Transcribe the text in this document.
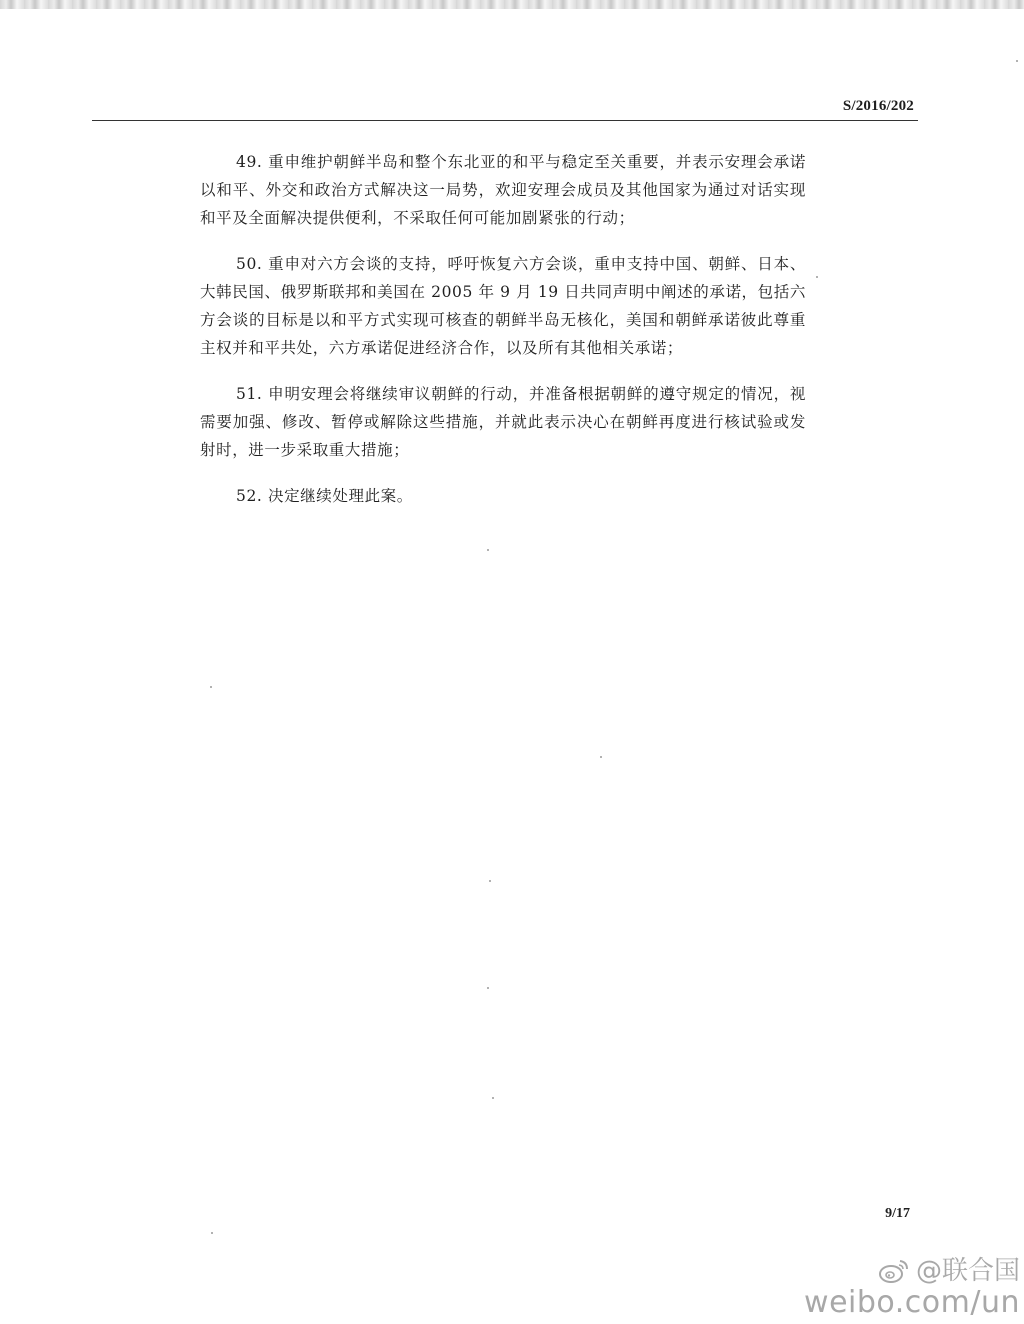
S/2016/202

49. 重申维护朝鲜半岛和整个东北亚的和平与稳定至关重要，并表示安理会承诺以和平、外交和政治方式解决这一局势，欢迎安理会成员及其他国家为通过对话实现和平及全面解决提供便利，不采取任何可能加剧紧张的行动；

50. 重申对六方会谈的支持，呼吁恢复六方会谈，重申支持中国、朝鲜、日本、大韩民国、俄罗斯联邦和美国在 2005 年 9 月 19 日共同声明中阐述的承诺，包括六方会谈的目标是以和平方式实现可核查的朝鲜半岛无核化，美国和朝鲜承诺彼此尊重主权并和平共处，六方承诺促进经济合作，以及所有其他相关承诺；

51. 申明安理会将继续审议朝鲜的行动，并准备根据朝鲜的遵守规定的情况，视需要加强、修改、暂停或解除这些措施，并就此表示决心在朝鲜再度进行核试验或发射时，进一步采取重大措施；

52. 决定继续处理此案。

9/17
@联合国
weibo.com/un
